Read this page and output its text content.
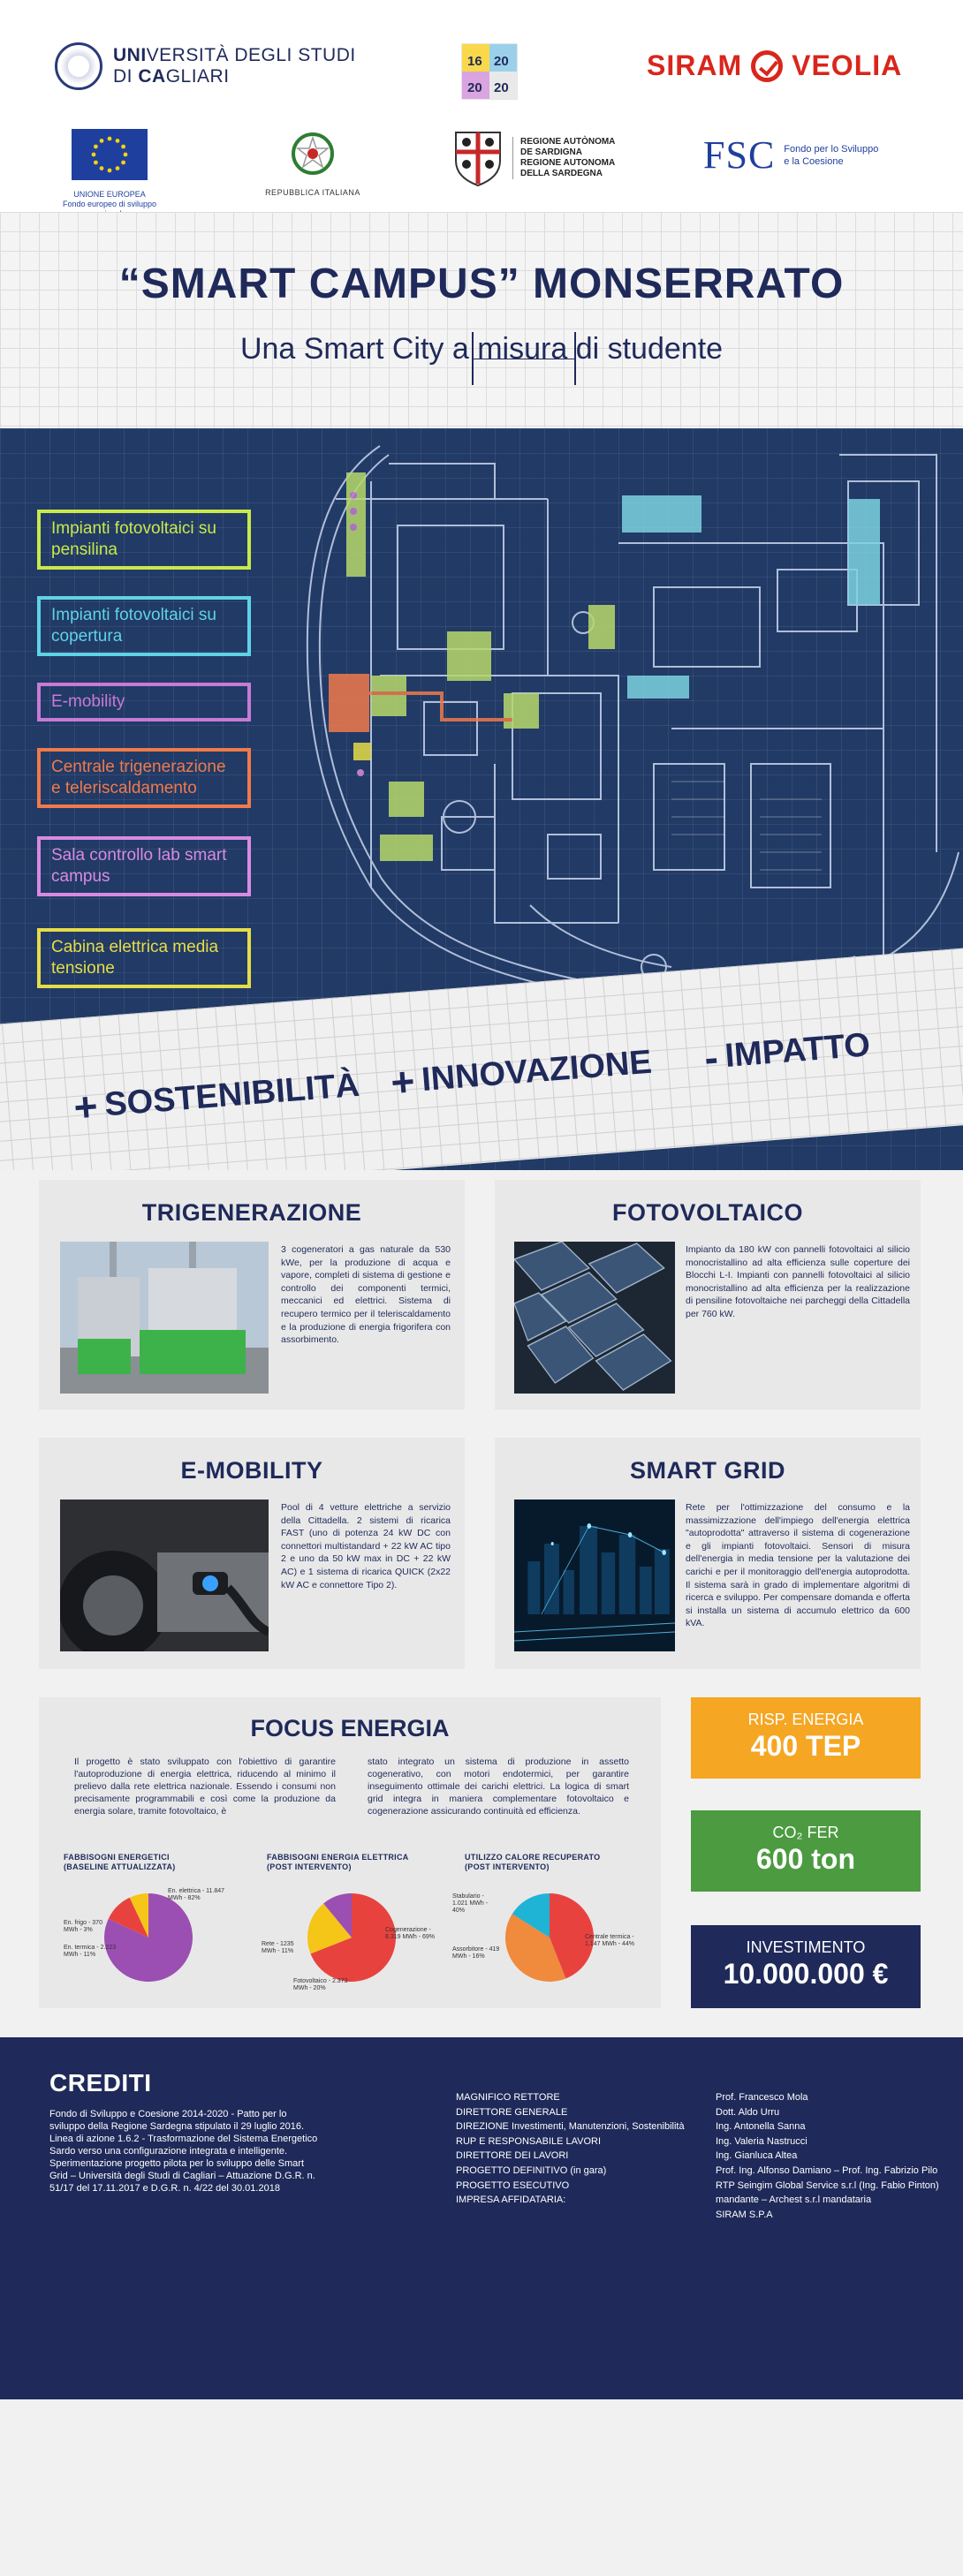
UNIVERSITÀ DEGLI STUDI
DI CAGLIARI
16 20
20 20
SIRAM VEOLIA
UNIONE EUROPEA
Fondo europeo di sviluppo
REPUBBLICA ITALIANA
REGIONE AUTÒNOMA
DE SARDIGNA
REGIONE AUTONOMA
DELLA SARDEGNA	FSC Fondo per lo Sviluppo
e la Coesione
“SMART CAMPUS” MONSERRATO
Una Smart City a misura di studente
Impianti fotovoltaici su pensilina
Impianti fotovoltaici su copertura
E-mobility
Centrale trigenerazione e teleriscaldamento
Sala controllo lab smart campus
Cabina elettrica media tensione
+ SOSTENIBILITÀ + INNOVAZIONE - IMPATTO
TRIGENERAZIONE
3 cogeneratori a gas naturale da 530 kWe, per la produzione di acqua e vapore, completi di sistema di gestione e controllo dei componenti termici, meccanici ed elettrici. Sistema di recupero termico per il teleriscaldamento e la produzione di energia frigorifera con assorbimento.
FOTOVOLTAICO
Impianto da 180 kW con pannelli fotovoltaici al silicio monocristallino ad alta efficienza sulle coperture dei Blocchi L-I. Impianti con pannelli fotovoltaici al silicio monocristallino ad alta efficienza per la realizzazione di pensiline fotovoltaiche nei parcheggi della Cittadella per 760 kW.
E-MOBILITY
Pool di 4 vetture elettriche a servizio della Cittadella. 2 sistemi di ricarica FAST (uno di potenza 24 kW DC con connettori multistandard + 22 kW AC tipo 2 e uno da 50 kW max in DC + 22 kW AC) e 1 sistema di ricarica QUICK (2x22 kW AC e connettore Tipo 2).
SMART GRID
Rete per l'ottimizzazione del consumo e la massimizzazione dell'impiego dell'energia elettrica "autoprodotta" attraverso il sistema di cogenerazione e gli impianti fotovoltaici. Sensori di misura dell'energia in media tensione per la valutazione dei carichi e per il monitoraggio dell'energia autoprodotta. Il sistema sarà in grado di implementare algoritmi di ricerca e sviluppo. Per compensare domanda e offerta si installa un sistema di accumulo elettrico da 600 kVA.
FOCUS ENERGIA
Il progetto è stato sviluppato con l'obiettivo di garantire l'autoproduzione di energia elettrica, riducendo al minimo il prelievo dalla rete elettrica nazionale. Essendo i consumi non precisamente programmabili e così come la produzione da energia solare, tramite fotovoltaico, è
stato integrato un sistema di produzione in assetto cogenerativo, con motori endotermici, per garantire inseguimento ottimale dei carichi elettrici. La logica di smart grid integra in maniera complementare fotovoltaico e cogenerazione assicurando continuità ed efficienza.
FABBISOGNI ENERGETICI
(BASELINE ATTUALIZZATA)
En. elettrica - 11.847 MWh - 82%
En. termica - 2.223 MWh - 11%
En. frigo - 370 MWh - 3%
FABBISOGNI ENERGIA ELETTRICA
(POST INTERVENTO)
Cogenerazione - 8.319 MWh - 69%
Fotovoltaico - 2.373 MWh - 20%
Rete - 1235 MWh - 11%
UTILIZZO CALORE RECUPERATO
(POST INTERVENTO)
Centrale termica - 1.147 MWh - 44%
Stabulario - 1.021 MWh - 40%
Assorbitore - 419 MWh - 16%
RISP. ENERGIA
400 TEP
CO₂ FER
600 ton
INVESTIMENTO
10.000.000 €
CREDITI
Fondo di Sviluppo e Coesione 2014-2020 - Patto per lo sviluppo della Regione Sardegna stipulato il 29 luglio 2016. Linea di azione 1.6.2 - Trasformazione del Sistema Energetico Sardo verso una configurazione integrata e intelligente. Sperimentazione progetto pilota per lo sviluppo delle Smart Grid – Università degli Studi di Cagliari – Attuazione D.G.R. n. 51/17 del 17.11.2017 e D.G.R. n. 4/22 del 30.01.2018
MAGNIFICO RETTORE
DIRETTORE GENERALE
DIREZIONE Investimenti, Manutenzioni, Sostenibilità
RUP E RESPONSABILE LAVORI
DIRETTORE DEI LAVORI
PROGETTO DEFINITIVO (in gara)
PROGETTO ESECUTIVO
IMPRESA AFFIDATARIA:
Prof. Francesco Mola
Dott. Aldo Urru
Ing. Antonella Sanna
Ing. Valeria Nastrucci
Ing. Gianluca Altea
Prof. Ing. Alfonso Damiano – Prof. Ing. Fabrizio Pilo
RTP Seingim Global Service s.r.l (Ing. Fabio Pinton)
mandante – Archest s.r.l mandataria
SIRAM S.P.A
